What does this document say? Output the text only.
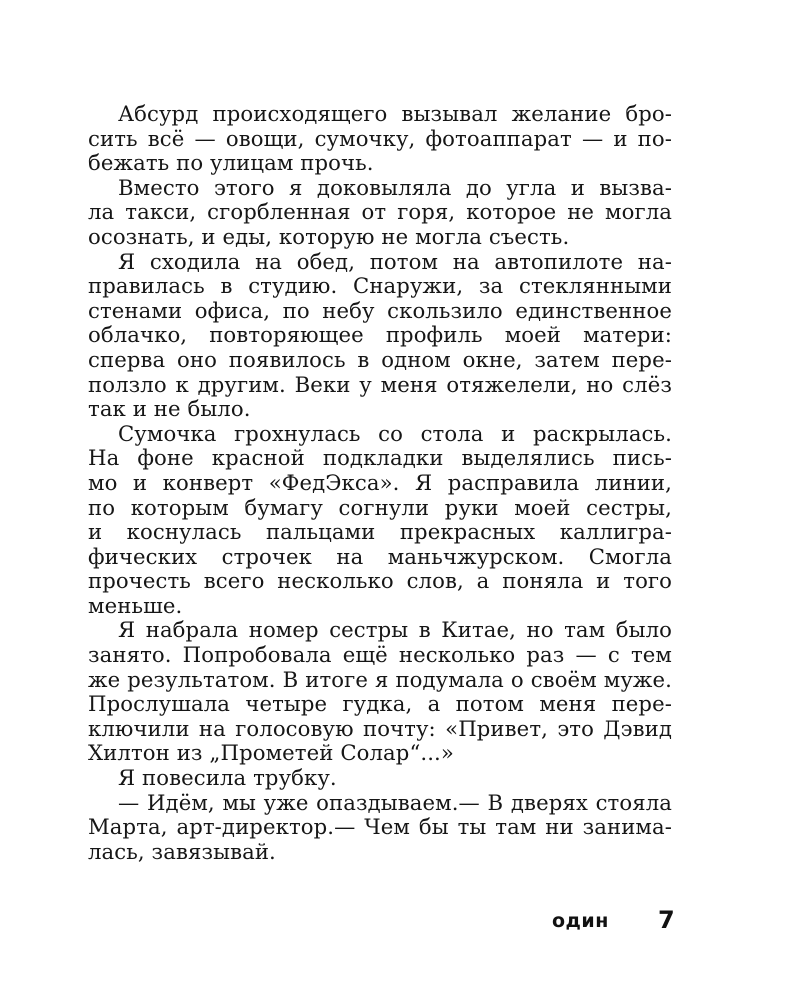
Абсурд происходящего вызывал желание бро-
сить всё — овощи, сумочку, фотоаппарат — и по-
бежать по улицам прочь.
Вместо этого я доковыляла до угла и вызва-
ла такси, сгорбленная от горя, которое не могла
осознать, и еды, которую не могла съесть.
Я сходила на обед, потом на автопилоте на-
правилась в студию. Снаружи, за стеклянными
стенами офиса, по небу скользило единственное
облачко, повторяющее профиль моей матери:
сперва оно появилось в одном окне, затем пере-
ползло к другим. Веки у меня отяжелели, но слёз
так и не было.
Сумочка грохнулась со стола и раскрылась.
На фоне красной подкладки выделялись пись-
мо и конверт «ФедЭкса». Я расправила линии,
по которым бумагу согнули руки моей сестры,
и коснулась пальцами прекрасных каллигра-
фических строчек на маньчжурском. Смогла
прочесть всего несколько слов, а поняла и того
меньше.
Я набрала номер сестры в Китае, но там было
занято. Попробовала ещё несколько раз — с тем
же результатом. В итоге я подумала о своём муже.
Прослушала четыре гудка, а потом меня пере-
ключили на голосовую почту: «Привет, это Дэвид
Хилтон из „Прометей Солар“...»
Я повесила трубку.
— Идём, мы уже опаздываем.— В дверях стояла
Марта, арт-директор.— Чем бы ты там ни занима-
лась, завязывай.
один 7
